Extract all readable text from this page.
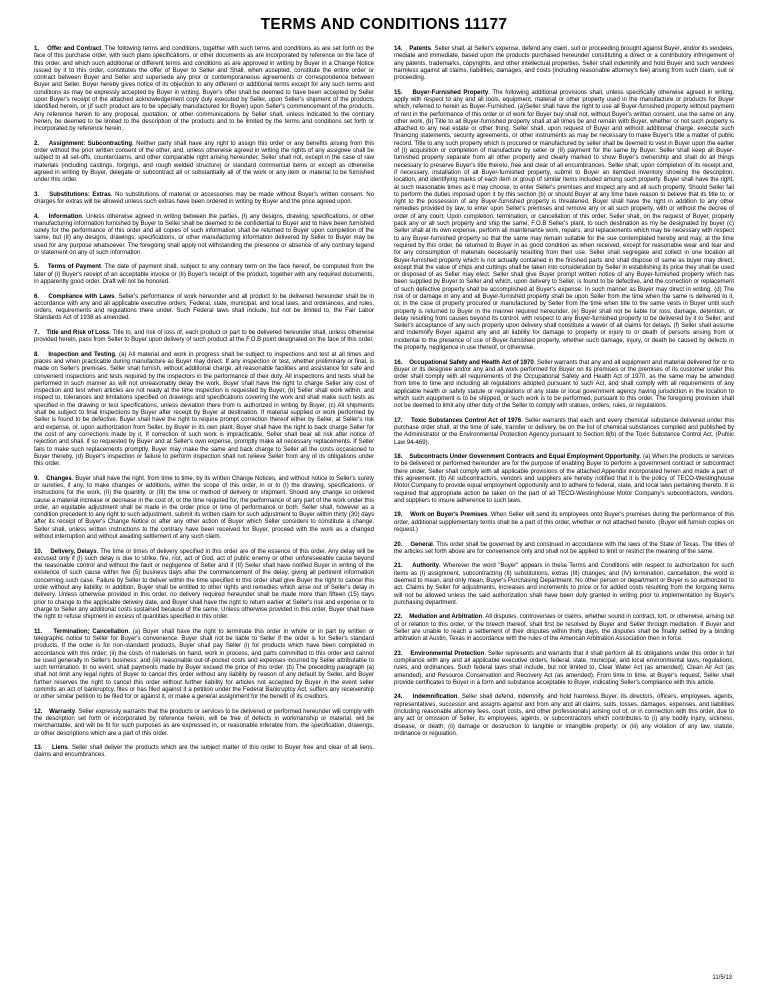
TERMS AND CONDITIONS 11177

1. Offer and Contract. The following terms and conditions, together with such terms and conditions as are set forth on the face of this purchase order, with such plans specifications, or other documents as are incorporated by reference on the face of this order, and which such additional or different terms and conditions as are approved in writing by Buyer in a Change Notice issued by it to this order, constitutes the offer of Buyer to Seller and Shall, when accepted, constitute the entire order or contract between Buyer and Seller and supersede any prior or contemporaneous agreements or correspondence between Buyer and Seller. Buyer hereby gives notice of its objection to any different or additional terms except for any such terms and conditions as may be expressly accepted by Buyer in writing. Buyer's offer shall be deemed to have been accepted by Seller upon Buyer's receipt of the attached acknowledgement copy duly executed by Seller, upon Seller's shipment of the products identified herein, or (if such product are to be specially manufactured for Buyer) upon Seller's commencement of the products. Any reference herein to any proposal, quotation, or other communications by Seller shall, unless indicated to the contrary herein, be deemed to be limited to the description of the products and to be limited by the terms and conditions set forth or incorporated by reference herein.

2. Assignment: Subcontracting. Neither party shall have any right to assign this order or any benefits arising from this order without the prior written consent of the other, and, unless otherwise agreed in writing the rights of any assignee shall be subject to all set-offs, counterclaims, and other comparable right arising hereunder. Seller shall not, except in the case of raw materials (including castings, forgings, and rough welded structure) or standard commercial items or except as otherwise agreed in writing by Buyer, delegate or subcontract all or substantially all of the work or any item or material to be furnished under this order.

3. Substitutions: Extras. No substitutions of material or accessories may be made without Buyer's written consent. No charges for extras will be allowed unless such extras have been ordered in writing by Buyer and the price agreed upon.

4. Information. Unless otherwise agreed in writing between the parties, (I) any designs, drawing, specifications, or other manufacturing information furnished by Buyer to Seller shall be deemed to be confidential to Buyer and to have been furnished solely for the performance of this order and all copies of such information shall be returned to Buyer upon completion of the same, but (II) any designs, drawings, specifications, or other manufacturing information delivered by Seller to Buyer may be used for any purpose whatsoever. The foregoing shall apply not withstanding the presence or absence of any contrary legend or statement on any of such information.

5. Terms of Payment. The date of payment shall, subject to any contrary term on the face hereof, be computed from the later of (I) Buyer's receipt of an acceptable invoice or (II) Buyer's receipt of the product, together with any required documents, in apparently good order. Draft will not be honored.

6. Compliance with Laws. Seller's performance of work hereunder and all product to be delivered hereunder shall be in accordance with any and all applicable executive orders. Federal, state, municipal, and local laws, and ordinances, and rules, orders, requirements and regulations there under. Such Federal laws shall include, but not be limited to, the Fair Labor Standards Act of 1938 as amended.

7. Title and Risk of Loss. Title to, and risk of loss of, each product or part to be delivered hereunder shall, unless otherwise provided herein, pass from Seller to Buyer upon delivery of such product at the F.O.B point designated on the face of this order.

8. Inspection and Testing. (a) All material and work in progress shall be subject to inspections and test at all times and places and when practicable during manufacture as Buyer may direct. If any inspection or test, whether preliminary or final, is made on Seller's premises, Seller shall furnish, without additional charge, all reasonable facilities and assistance for safe and convenient inspections and tests required by the inspectors in the performance of their duty. All inspections and tests shall be performed in such manner as will not unreasonably delay the work. Buyer shall have the right to charge Seller any cost of inspection and test when articles are not ready at the time inspection is requested by Buyer, (b) Seller shall work within, and inspect to, tolerances and limitations specified on drawings and specifications covering the work and shall make such tests as specified in the drawing or test specifications, unless deviation there from is authorized in writing by Buyer, (c) All shipments shall be subject to final inspections by Buyer after receipt by Buyer at destination. If material supplied or work performed by Seller is found to be defective, Buyer shall have the right to require prompt correction thereof either by Seller, at Seller's risk and expense, or, upon authorization from Seller, by Buyer in its own plant. Buyer shall have the right to back charge Seller for the cost of any corrections made by it. If correction of such work is impracticable, Seller shall bear all risk after notice of rejection and shall, if so requested by Buyer and at Seller's own expense, promptly make all necessary replacements. If Seller fails to make such replacements promptly, Buyer may make the same and back charge to Seller all the costs occasioned to Buyer thereby, (d) Buyer's inspection or failure to perform inspection shall not relieve Seller from any of its obligations under this order.

9. Changes. Buyer shall have the right, from time to time, by its written Change Notices, and without notice to Seller's surety or sureties, if any, to make changes or additions, within the scope of this order, in or to (I) the drawing, specifications, or instructions for the work, (II) the quantity, or (III) the time or method of delivery or shipment. Should any change so ordered cause a material increase or decrease in the cost of, or the time required for, the performance of any part of the work under this order, an equitable adjustment shall be made in the order price or time of performance or both. Seller shall, however as a condition precedent to any right to such adjustment, submit its written claim for such adjustment to Buyer within thirty (30) days after its receipt of Buyer's Change Notice or after any other action of Buyer which Seller considers to constitute a change. Seller shall, unless written instructions to the contrary have been received for Buyer, proceed with the work as a changed without interruption and without awaiting settlement of any such claim.

10. Delivery, Delays. The time or times of delivery specified in this order are of the essence of this order. Any delay will be excused only if (I) such delay is due to strike, fire, riot, act of God, act of public enemy or other unforeseeable cause beyond the reasonable control and without the fault or negligence of Seller and if (II) Seller shall have notified Buyer in writing of the existence of such cause within five (5) business days after the commencement of the delay, giving all pertinent information concerning such case. Failure by Seller to deliver within the time specified in this order shall give Buyer the right to cancel this order without any liability. In addition, Buyer shall be entitled to other rights and remedies which arise out of Seller's delay in delivery. Unless otherwise provided in this order, no delivery required hereunder shall be made more than fifteen (15) days prior to change to the applicable delivery date, and Buyer shall have the right to return earlier at Seller's risk and expense or to charge to Seller any additional costs sustained because of the same. Unless otherwise provided in this order, Buyer shall have the right to refuse shipment in excess of quantities specified in this order.

11. Termination; Cancellation. (a) Buyer shall have the right to terminate this order in whole or in part by written or telegraphic notice to Seller for Buyer's convenience. Buyer shall not be liable to Seller if the order is for Seller's standard products. If the order is for non-standard products, Buyer shall pay Seller (i) for products which have been completed in accordance with this order; (ii) the costs of materials on hand, work in process, and parts committed to this order and cannot be used generally in Seller's business; and (iii) reasonable out-of-pocket costs and expenses incurred by Seller attributable to such termination. In no event, shall payments made by Buyer exceed the price of this order. (b) The preceding paragraph (a) shall not limit any legal rights of Buyer to cancel this order without any liability by reason of any default by Seller, and Buyer further reserves the right to cancel this order without further liability for articles not accepted by Buyer in the event seller commits an act of bankruptcy, files or has filed against it a petition under the Federal Bankruptcy Act, suffers any receivership or other similar petition to be filed for or against it, or make a general assignment for the benefit of its creditors.

12. Warranty. Seller expressly warrants that the products or services to be delivered or performed hereunder will comply with the description set forth or incorporated by reference herein, will be free of defects in workmanship or material, will be merchantable, and will be fit for such purposes as are expressed in, or reasonable inferable from, the specification, drawings, or other descriptions which are a part of this order.

13. Liens. Seller shall deliver the products which are the subject matter of this order to Buyer free and clear of all liens, claims and encumbrances.

14. Patents. Seller shall, at Seller's expense, defend any claim, suit or proceeding brought against Buyer, and/or its vendees, mediate and immediate, based upon the products purchased hereunder constituting a direct or a contributory infringement of any patents, trademarks, copyrights, and other intellectual properties. Seller shall indemnify and hold Buyer and such vendees harmless against all claims, liabilities, damages, and costs (including reasonable attorney's fee) arising from such claim, suit or proceeding.

15. Buyer-Furnished Property. The following additional provisions shall, unless specifically otherwise agreed in writing, apply with respect to any and all tools, equipment, material or other property used in the manufacture or products for Buyer which, referred to herein as Buyer-Furnished. (a)Seller shall have the right to use all Buyer-furnished property without payment of rent in the performance of this order or of work for Buyer buy shall not, without Buyer's written consent, use the same on any other work, (b) Title to all Buyer-furnished property shall at all times be and remain with Buyer, whether or not such property is attached to any real estate or other thing. Seller shall, upon request of Buyer and without additional charge, execute such financing statements, security agreements, or other instruments as may be necessary to make Buyer's title a matter of public record. Title to any such property which is procured or manufactured by seller shall be deemed to vest in Buyer upon the earlier of (I) acquisition or completion of manufacture by seller or (II) payment for the same by Buyer. Seller shall keep all Buyer-furnished property separate from all other property and clearly marked to show Buyer's ownership and shall do all things necessary to preserve Buyer's title thereto, free and clear of all encumbrances. Seller shall, upon completion of its receipt and, if necessary, installation of all Buyer-furnished property, submit to Buyer an itemized inventory showing the description, location, and identifying marks of each item or group of similar items included among such property. Buyer shall have the right, at such reasonable times as it may choose, to enter Seller's premises and inspect any and all such property. Should Seller fail to perform the duties imposed upon it by this section (b) or should Buyer at any time have reason to believe that its title to, or right to the possession of any Buyer-furnished property is threatened, Buyer shall have the right in addition to any other remedies provided by law, to enter upon Seller's premises and remove any or all such property, with or without the decree of order of any court. Upon completion, termination, or cancellation of this order, Seller shall, on the request of Buyer, properly pack any or all such property and ship the same, F.O.B Seller's plant, to such destination as my be designated by buyer (c) Seller shall at its own expense, perform all maintenance work, repairs, and replacements which may be necessary with respect to any Buyer-furnished property so that the same may remain suitable for the sue contemplated hereby and may, at the time required by this order, be returned to Buyer in as good condition as when received, except for reasonable wear and tear and for any consumption of materials necessarily resulting from their use. Seller shall segregate and collect in one location all Buyer-furnished property which is not actually contained in the finished parts and shall dispose of same as buyer may direct, except that the value of chips and cuttings shall be taken into consideration by Seller in establishing its price they shall be used or disposed of as Seller may elect. Seller shall give Buyer prompt written notice of any Buyer-furnished property which has been supplied by Buyer to Seller and which, upon delivery to Seller, is found to be defective, and the correction or replacement of such defective property shall be accomplished at Buyer's expense. In such manner as Buyer may direct in writing. (d) The risk of or damage in any and all Buyer-furnished property shall be upon Seller from the time when the same is delivered to it, or, in the case of property procured or manufactured by Seller from the time when title to the same vests in Buyer until such property is returned to Buyer in the manner required hereunder. (e) Buyer shall not be liable for loss, damage, detention, or delay resulting from causes beyond its control, with respect to any Buyer-furnished property to be delivered by it to Seller, and Seller's acceptance of any such property upon delivery shall constitute a waver of all claims for delays. (f) Seller shall assume and indemnify Buyer against any and all liability for damage to property or injury to or death of persons arising from or incidental to the presence of use of Buyer-furnished property, whether such damage, injury, or death be caused by defects in the property, negligence in use thereof, or otherwise.

16. Occupational Safety and Health Act of 1970. Seller warrants that any and all equipment and material delivered for or to Buyer or its designee and/or any and all work performed for Buyer on its premises or the premises of its customer under this order shall comply with all requirements of the Occupational Safety and Health Act of 1970, as the same may be amended from time to time and including all regulations adopted pursuant to such Act, and shall comply with all requirements of any applicable health or safety statute or regulations of any state or local government agency having jurisdiction in the location to which such equipment is to be shipped, or such work is to be performed, pursuant to this order. The foregoing provision shall not be deemed to limit any other duty of the Seller to comply with statues, orders, rules, or regulations.

17. Toxic Substances Control Act of 1976. Seller warrants that each and every chemical substance delivered under this purchase order shall, at the time of sale, transfer or delivery, be on the list of chemical substances compiled and published by the Administrator or the Environmental Protection Agency pursuant to Section 8(b) of the Toxic Substance Control Act. (Public Law 94-469).

18. Subcontracts Under Government Contracts and Equal Employment Opportunity. (a) When the products or services to be delivered or performed hereunder are for the purpose of enabling Buyer to perform a government contract or subcontract there under, Seller shall comply with all applicable provisions of the attached Appendix incorporated herein and made a part of this agreement. (b) All subcontractors, vendors and suppliers are hereby notified that it is the policy of TECO-Westinghouse Motor Company to provide equal employment opportunity and to adhere to federal, state, and local laws pertaining thereto. It is required that appropriate action be taken on the part of all TECO-Westinghouse Motor Company's subcontractors, vendors, and suppliers to insure adherence to such laws.

19. Work on Buyer's Premises. When Seller will send its employees onto Buyer's premises during the performance of this order, additional supplementary terms shall be a part of this order, whether or not attached hereto. (Buyer will furnish copies on request.)

20. General. This order shall be governed by and construed in accordance with the laws of the State of Texas. The titles of the articles set forth above are for convenience only and shall not be applied to limit or restrict the meaning of the same.

21. Authority. Wherever the word "Buyer" appears in these Terms and Conditions with respect to authorization for such items as (I) assignment, subcontracting (II) substitutions, extras (III) changes, and (IV) termination, cancellation, the word is deemed to mean, and only mean, Buyer's Purchasing Department. No other person or department or Buyer is so authorized to act. Claims by Seller for adjustments, increases and increments to price or for added costs resulting from the forgoing items will not be allowed unless the said authorization shall have been duly granted in writing prior to implementation by Buyer's purchasing department.

22. Mediation and Arbitration. All disputes, controversies or claims, whether sound in contract, tort, or otherwise, arising out of or relation to this order, or the breech thereof, shall first be resolved by Buyer and Seller through mediation. If Buyer and Seller are unable to reach a settlement of their disputes within thirty days, the disputes shall be finally settled by a binding arbitration at Austin, Texas in accordance with the rules of the American Arbitration Association then in force.

23. Environmental Protection. Seller represents and warrants that it shall perform all its obligations under this order in full compliance with any and all applicable executive orders, federal, state, municipal, and local environmental laws, regulations, rules, and ordinances. Such federal laws shall include, but not limited to, Clear Water Act (as amended), Clean Air Act (as amended), and Resource Conservation and Recovery Act (as amended). From time to time, at Buyer's request, Seller shall provide certificates to Buyer in a form and substance acceptable to Buyer, indicating Seller's compliance with this article.

24. Indemnification. Seller shall defend, indemnify, and hold harmless Buyer, its directors, officers, employees, agents, representatives, successor and assigns against and from any and all claims, suits, losses, damages, expenses, and liabilities (including reasonable attorney fees, court costs, and other professionals) arising out of, or in connection with this order, due to any act or omission of Seller, its employees, agents, or subcontractors which contributes to (i) any bodily injury, sickness, disease, or death; (ii) damage or destruction to tangible or intangible property; or (iii) any violation of any law, statute, ordinance or regulation.

11/5/13
